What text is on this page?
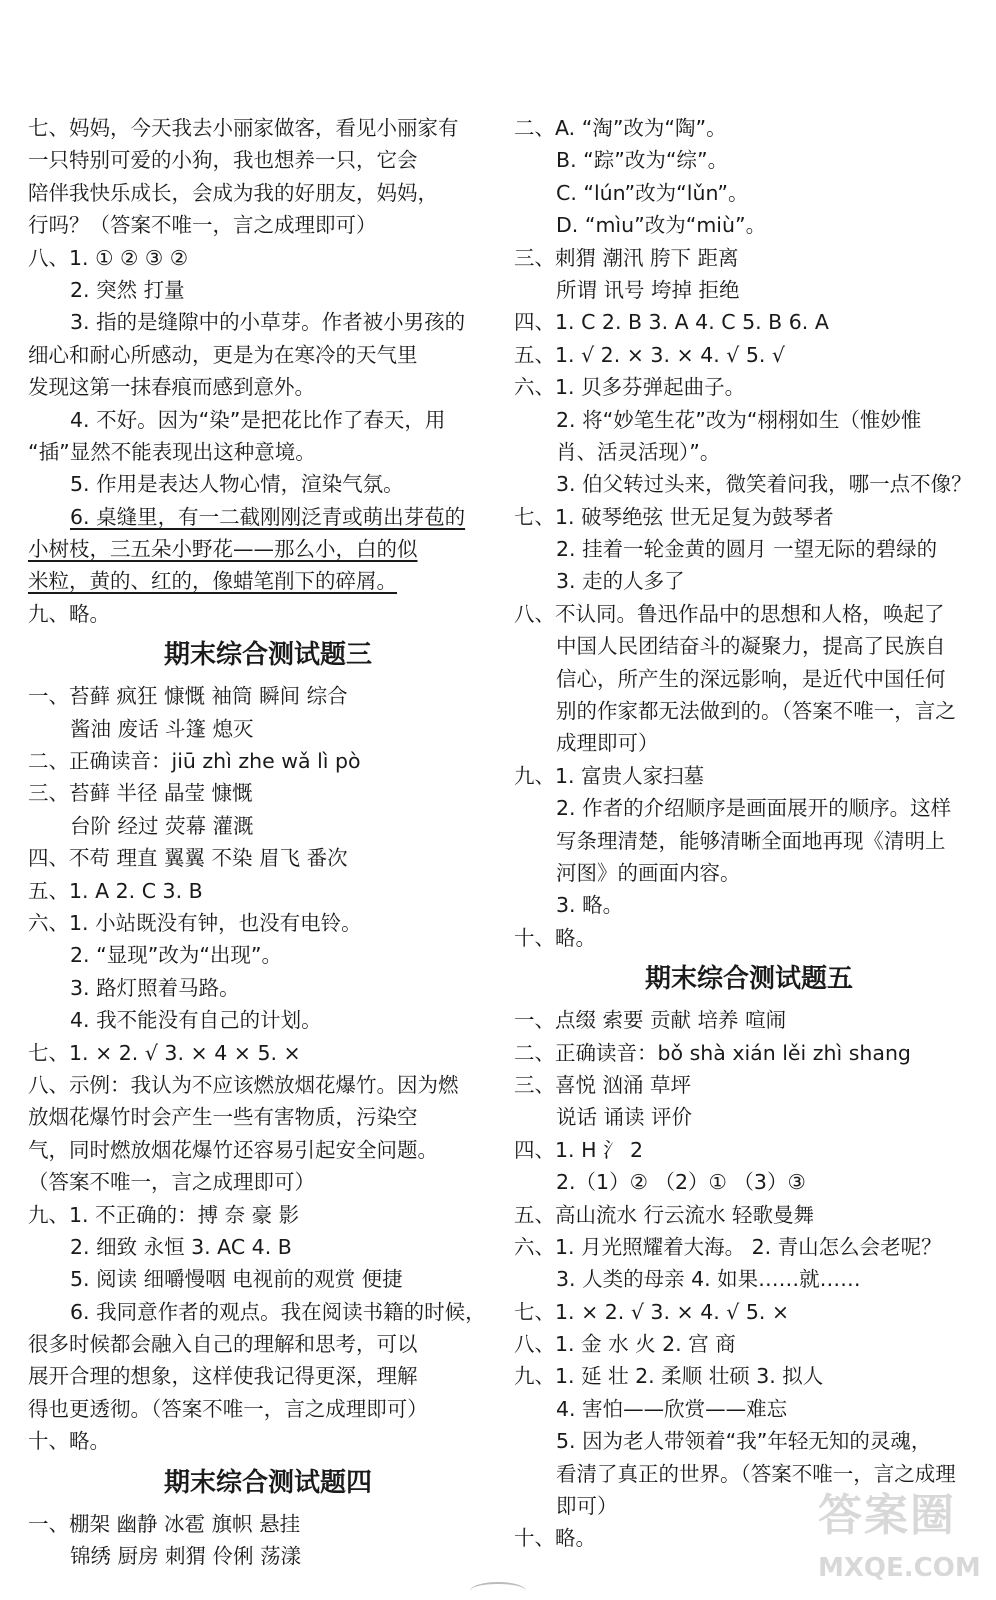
七、妈妈，今天我去小丽家做客，看见小丽家有
一只特别可爱的小狗，我也想养一只，它会
陪伴我快乐成长，会成为我的好朋友，妈妈，
行吗？（答案不唯一，言之成理即可）
八、1. ① ② ③ ②
2. 突然 打量
3. 指的是缝隙中的小草芽。作者被小男孩的
细心和耐心所感动，更是为在寒冷的天气里
发现这第一抹春痕而感到意外。
4. 不好。因为“染”是把花比作了春天，用
“插”显然不能表现出这种意境。
5. 作用是表达人物心情，渲染气氛。
6. 桌缝里，有一二截刚刚泛青或萌出芽苞的
小树枝，三五朵小野花——那么小，白的似
米粒，黄的、红的，像蜡笔削下的碎屑。
九、略。
期末综合测试题三
一、苔藓 疯狂 慷慨 袖筒 瞬间 综合
酱油 废话 斗篷 熄灭
二、正确读音：jiū zhì zhe wǎ lì pò
三、苔藓 半径 晶莹 慷慨
台阶 经过 荧幕 灌溉
四、不苟 理直 翼翼 不染 眉飞 番次
五、1. A 2. C 3. B
六、1. 小站既没有钟，也没有电铃。
2. “显现”改为“出现”。
3. 路灯照着马路。
4. 我不能没有自己的计划。
七、1. × 2. √ 3. × 4 × 5. ×
八、示例：我认为不应该燃放烟花爆竹。因为燃
放烟花爆竹时会产生一些有害物质，污染空
气，同时燃放烟花爆竹还容易引起安全问题。
（答案不唯一，言之成理即可）
九、1. 不正确的：搏 奈 豪 影
2. 细致 永恒 3. AC 4. B
5. 阅读 细嚼慢咽 电视前的观赏 便捷
6. 我同意作者的观点。我在阅读书籍的时候，
很多时候都会融入自己的理解和思考，可以
展开合理的想象，这样使我记得更深，理解
得也更透彻。（答案不唯一，言之成理即可）
十、略。
期末综合测试题四
一、棚架 幽静 冰雹 旗帜 悬挂
锦绣 厨房 刺猬 伶俐 荡漾
二、A. “淘”改为“陶”。
B. “踪”改为“综”。
C. “lún”改为“lǔn”。
D. “mìu”改为“miù”。
三、刺猬 潮汛 胯下 距离
所谓 讯号 垮掉 拒绝
四、1. C 2. B 3. A 4. C 5. B 6. A
五、1. √ 2. × 3. × 4. √ 5. √
六、1. 贝多芬弹起曲子。
2. 将“妙笔生花”改为“栩栩如生（惟妙惟
肖、活灵活现）”。
3. 伯父转过头来，微笑着问我，哪一点不像？
七、1. 破琴绝弦 世无足复为鼓琴者
2. 挂着一轮金黄的圆月 一望无际的碧绿的
3. 走的人多了
八、不认同。鲁迅作品中的思想和人格，唤起了
中国人民团结奋斗的凝聚力，提高了民族自
信心，所产生的深远影响，是近代中国任何
别的作家都无法做到的。（答案不唯一，言之
成理即可）
九、1. 富贵人家扫墓
2. 作者的介绍顺序是画面展开的顺序。这样
写条理清楚，能够清晰全面地再现《清明上
河图》的画面内容。
3. 略。
十、略。
期末综合测试题五
一、点缀 索要 贡献 培养 喧闹
二、正确读音：bǒ shà xián lěi zhì shang
三、喜悦 汹涌 草坪
说话 诵读 评价
四、1. H 氵 2
2.（1）② （2）① （3）③
五、高山流水 行云流水 轻歌曼舞
六、1. 月光照耀着大海。 2. 青山怎么会老呢？
3. 人类的母亲 4. 如果……就……
七、1. × 2. √ 3. × 4. √ 5. ×
八、1. 金 水 火 2. 宫 商
九、1. 延 壮 2. 柔顺 壮硕 3. 拟人
4. 害怕——欣赏——难忘
5. 因为老人带领着“我”年轻无知的灵魂，
看清了真正的世界。（答案不唯一，言之成理
即可）
十、略。	答案圈
MXQE.COM
